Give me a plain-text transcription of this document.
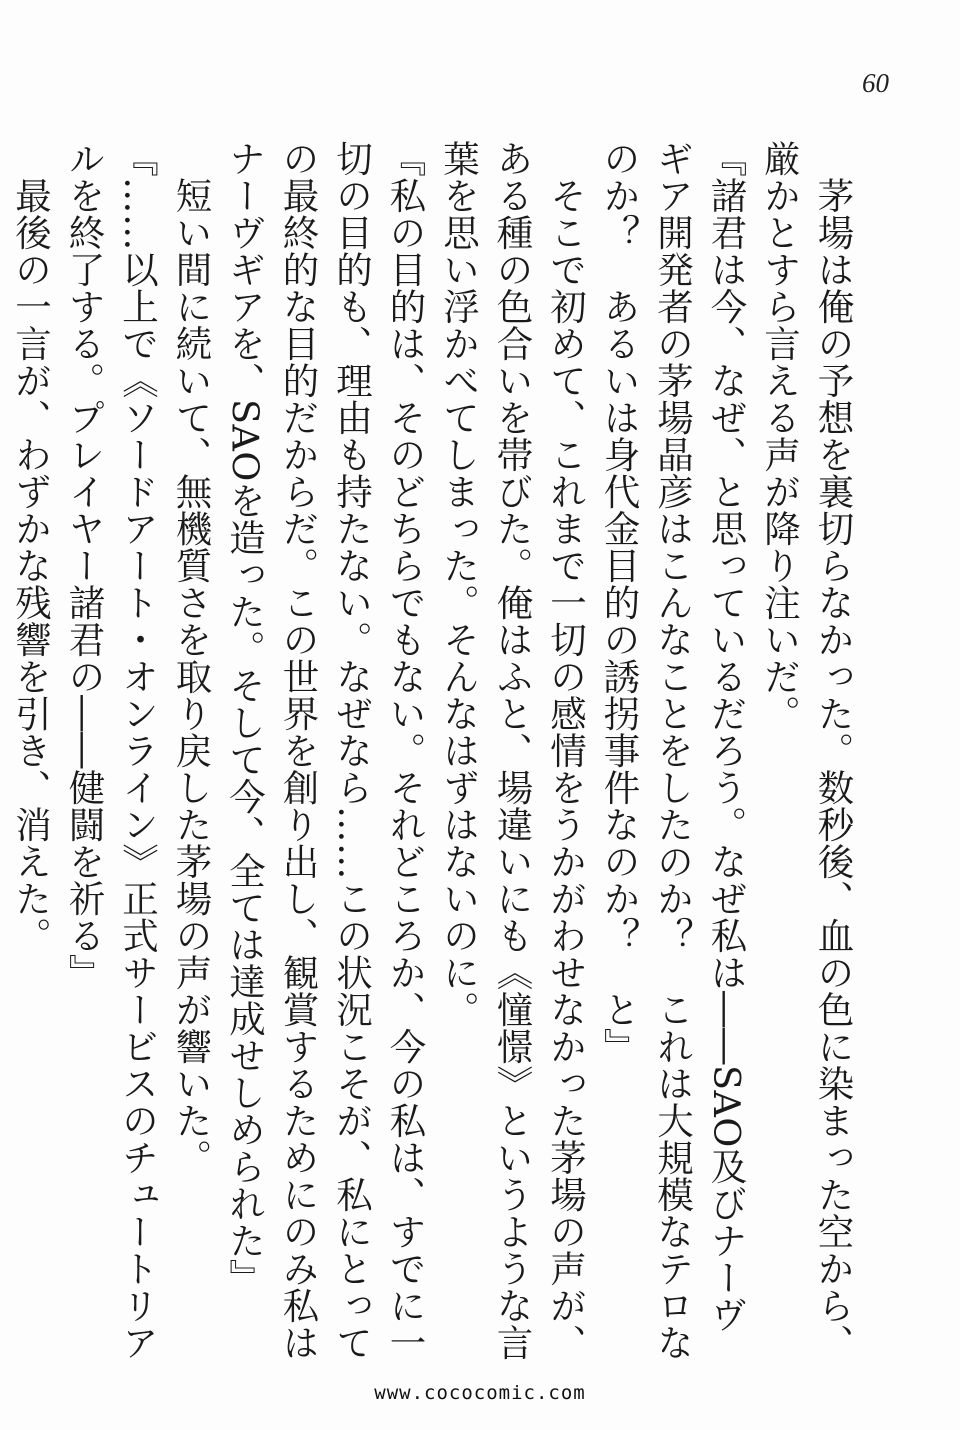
60

茅場は俺の予想を裏切らなかった。数秒後、血の色に染まった空から、厳かとすら言える声が降り注いだ。

『諸君は今、なぜ、と思っているだろう。なぜ私は――SAO及びナーヴギア開発者の茅場晶彦はこんなことをしたのか？　これは大規模なテロなのか？　あるいは身代金目的の誘拐事件なのか？　と』

そこで初めて、これまで一切の感情をうかがわせなかった茅場の声が、ある種の色合いを帯びた。俺はふと、場違いにも《憧憬》というような言葉を思い浮かべてしまった。そんなはずはないのに。

『私の目的は、そのどちらでもない。それどころか、今の私は、すでに一切の目的も、理由も持たない。なぜなら……この状況こそが、私にとっての最終的な目的だからだ。この世界を創り出し、観賞するためにのみ私はナーヴギアを、SAOを造った。そして今、全ては達成せしめられた』

短い間に続いて、無機質さを取り戻した茅場の声が響いた。

『……以上で《ソードアート・オンライン》正式サービスのチュートリアルを終了する。プレイヤー諸君の――健闘を祈る』

最後の一言が、わずかな残響を引き、消えた。

www.cococomic.com
